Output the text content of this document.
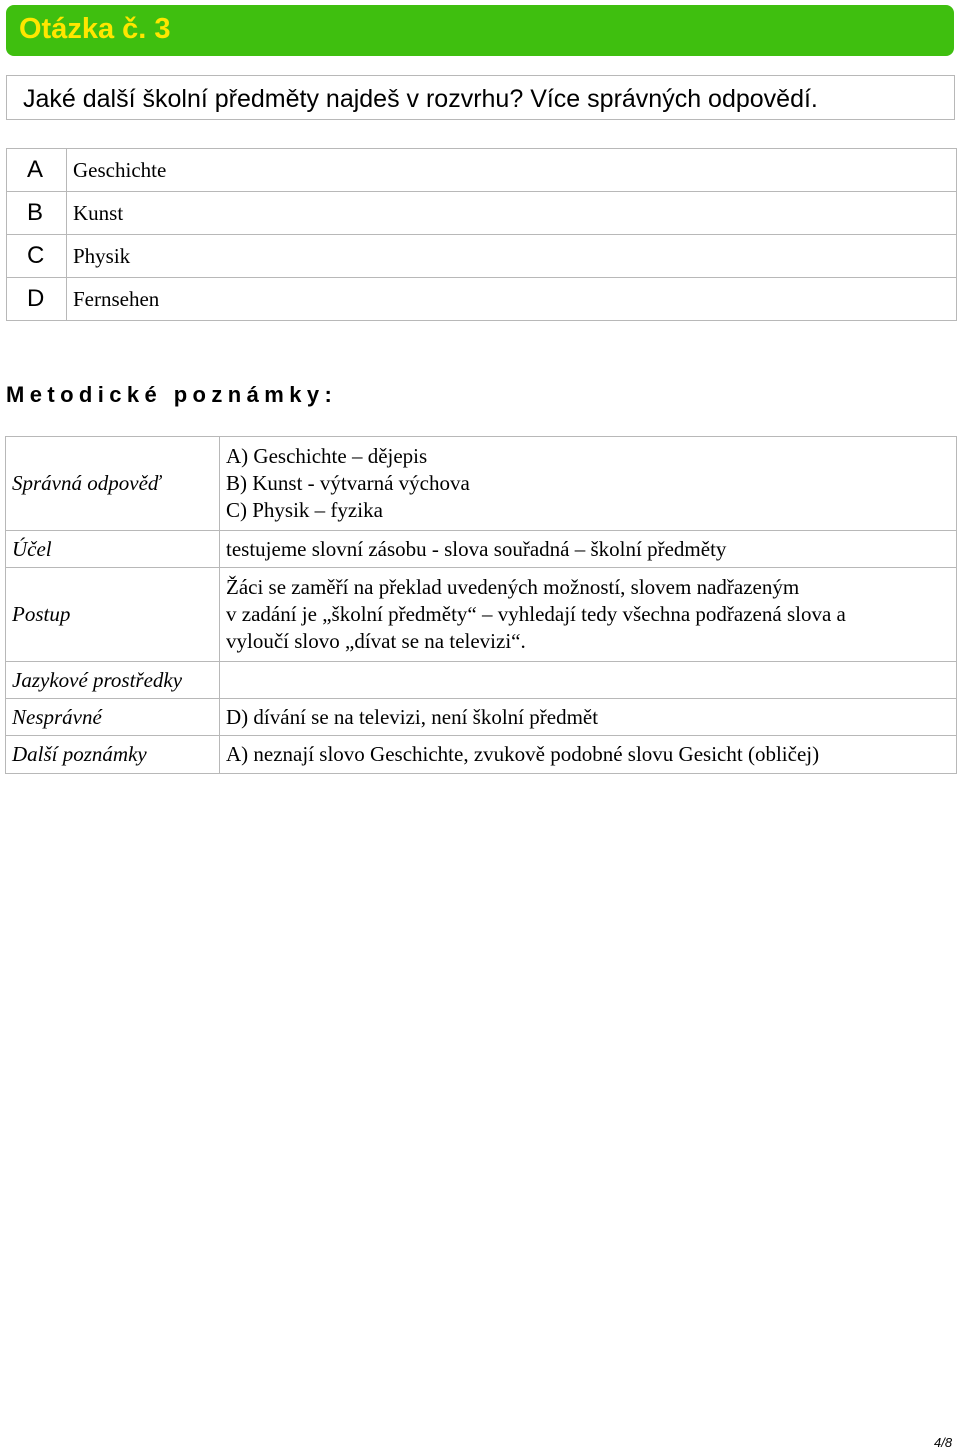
Otázka č. 3
Jaké další školní předměty najdeš v rozvrhu? Více správných odpovědí.
A	Geschichte
B	Kunst
C	Physik
D	Fernsehen
Metodické poznámky:
Správná odpověď	A) Geschichte – dějepis
B) Kunst - výtvarná výchova
C) Physik – fyzika

Účel	testujeme slovní zásobu - slova souřadná – školní předměty

Postup	Žáci se zaměří na překlad uvedených možností, slovem nadřazeným
v zadání je „školní předměty“ – vyhledají tedy všechna podřazená slova a
vyloučí slovo „dívat se na televizi“.

Jazykové prostředky	

Nesprávné	D) dívání se na televizi, není školní předmět

Další poznámky	A) neznají slovo Geschichte, zvukově podobné slovu Gesicht (obličej)
4/8
